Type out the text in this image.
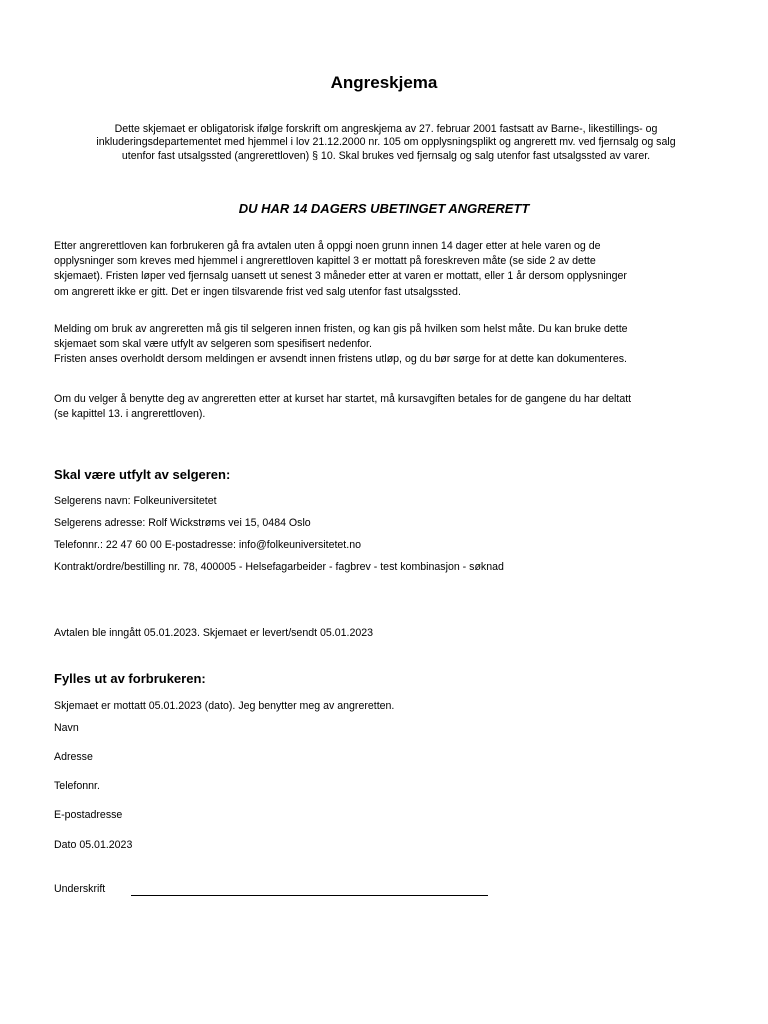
Angreskjema

Dette skjemaet er obligatorisk ifølge forskrift om angreskjema av 27. februar 2001 fastsatt av Barne-, likestillings- og inkluderingsdepartementet med hjemmel i lov 21.12.2000 nr. 105 om opplysningsplikt og angrerett mv. ved fjernsalg og salg utenfor fast utsalgssted (angrerettloven) § 10. Skal brukes ved fjernsalg og salg utenfor fast utsalgssted av varer.

DU HAR 14 DAGERS UBETINGET ANGRERETT
Etter angrerettloven kan forbrukeren gå fra avtalen uten å oppgi noen grunn innen 14 dager etter at hele varen og de opplysninger som kreves med hjemmel i angrerettloven kapittel 3 er mottatt på foreskreven måte (se side 2 av dette skjemaet). Fristen løper ved fjernsalg uansett ut senest 3 måneder etter at varen er mottatt, eller 1 år dersom opplysninger om angrerett ikke er gitt. Det er ingen tilsvarende frist ved salg utenfor fast utsalgssted.
Melding om bruk av angreretten må gis til selgeren innen fristen, og kan gis på hvilken som helst måte. Du kan bruke dette skjemaet som skal være utfylt av selgeren som spesifisert nedenfor.
Fristen anses overholdt dersom meldingen er avsendt innen fristens utløp, og du bør sørge for at dette kan dokumenteres.
Om du velger å benytte deg av angreretten etter at kurset har startet, må kursavgiften betales for de gangene du har deltatt (se kapittel 13. i angrerettloven).
Skal være utfylt av selgeren:

Selgerens navn: Folkeuniversitetet

Selgerens adresse: Rolf Wickstrøms vei 15, 0484 Oslo

Telefonnr.: 22 47 60 00 E-postadresse: info@folkeuniversitetet.no

Kontrakt/ordre/bestilling nr. 78, 400005 - Helsefagarbeider - fagbrev - test kombinasjon - søknad

Avtalen ble inngått 05.01.2023. Skjemaet er levert/sendt 05.01.2023

Fylles ut av forbrukeren:

Skjemaet er mottatt 05.01.2023 (dato). Jeg benytter meg av angreretten.

Navn

Adresse

Telefonnr.

E-postadresse

Dato 05.01.2023

Underskrift
